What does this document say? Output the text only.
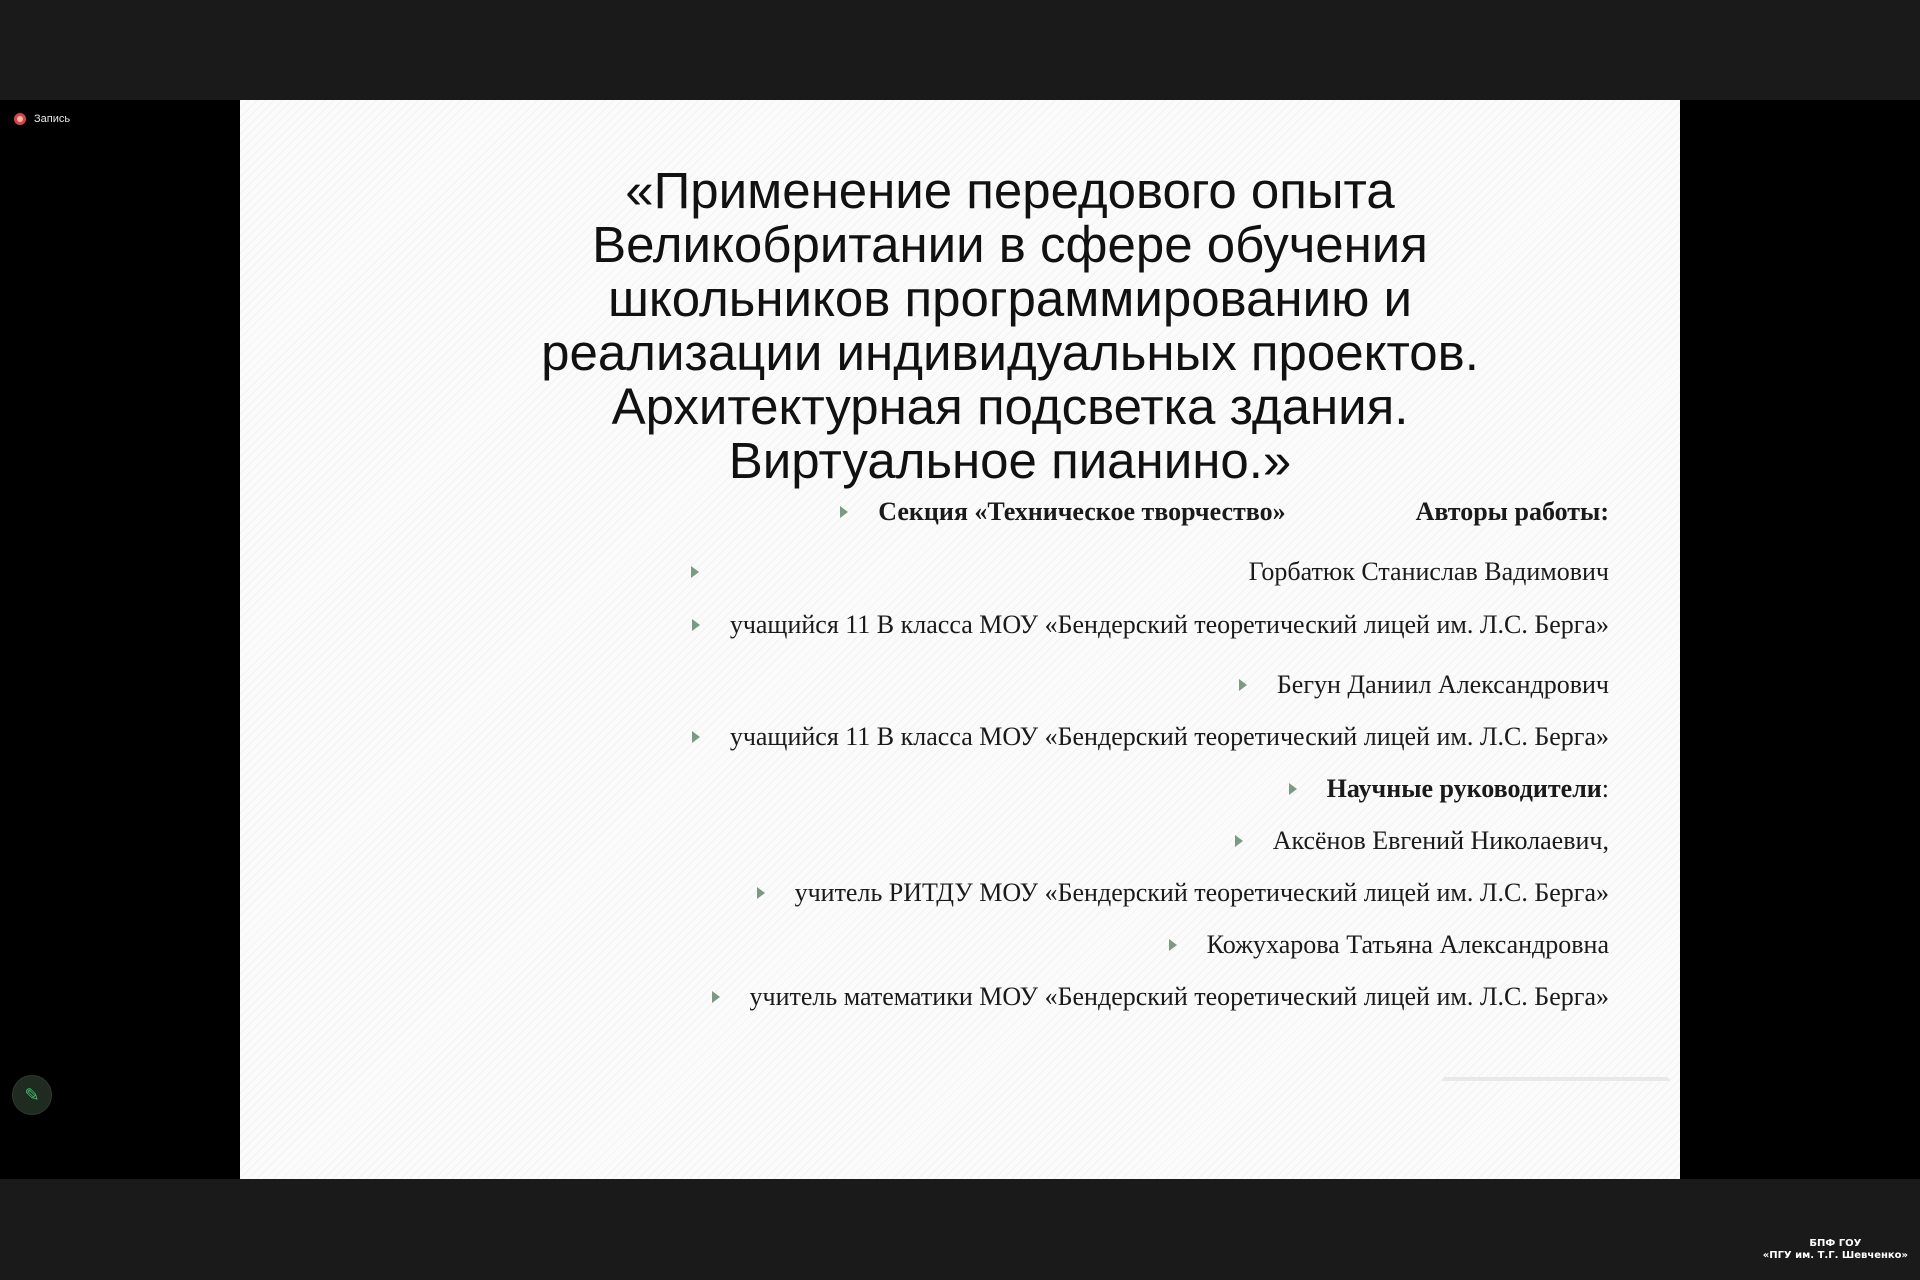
Запись
✎
«Применение передового опыта
Великобритании в сфере обучения
школьников программированию и
реализации индивидуальных проектов.
Архитектурная подсветка здания.
Виртуальное пианино.»
Секция «Техническое творчество»	Авторы работы:
Горбатюк Станислав Вадимович
учащийся 11 В класса МОУ «Бендерский теоретический лицей им. Л.С. Берга»
Бегун Даниил Александрович
учащийся 11 В класса МОУ «Бендерский теоретический лицей им. Л.С. Берга»
Научные руководители :
Аксёнов Евгений Николаевич,
учитель РИТДУ МОУ «Бендерский теоретический лицей им. Л.С. Берга»
Кожухарова Татьяна Александровна
учитель математики МОУ «Бендерский теоретический лицей им. Л.С. Берга»
БПФ ГОУ
«ПГУ им. Т.Г. Шевченко»
